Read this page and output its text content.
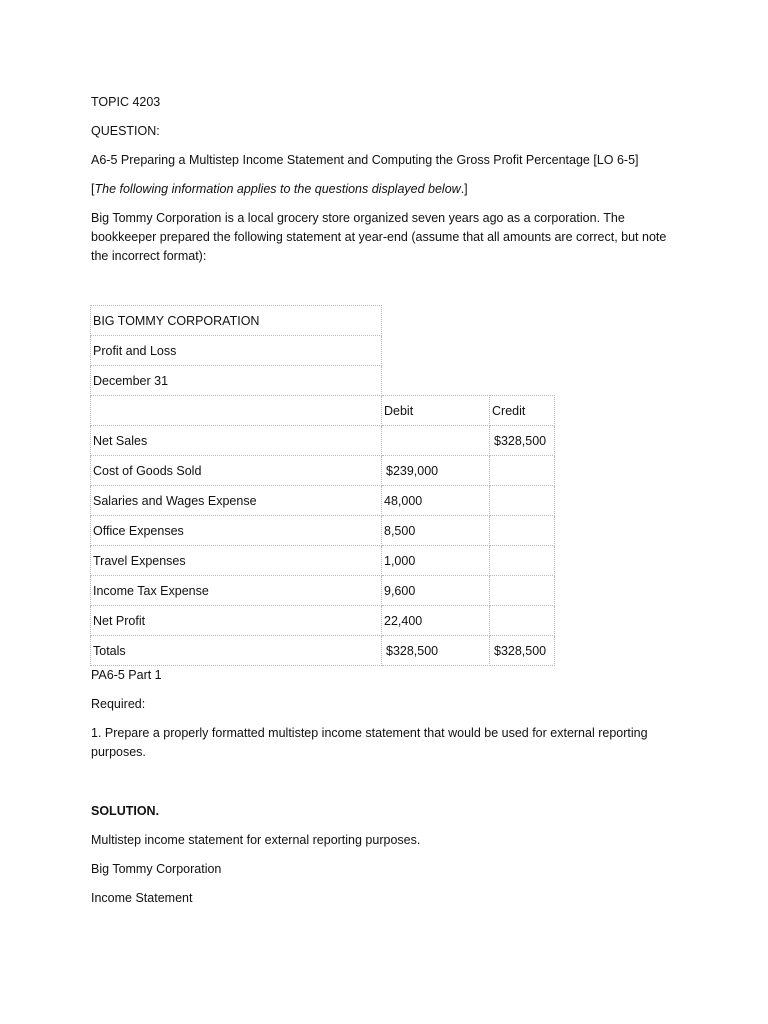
TOPIC 4203

QUESTION:

A6-5 Preparing a Multistep Income Statement and Computing the Gross Profit Percentage [LO 6-5]

[The following information applies to the questions displayed below.]

Big Tommy Corporation is a local grocery store organized seven years ago as a corporation. The bookkeeper prepared the following statement at year-end (assume that all amounts are correct, but note the incorrect format):

BIG TOMMY CORPORATION		
Profit and Loss		
December 31		
	Debit	Credit
Net Sales		$328,500
Cost of Goods Sold	$239,000	
Salaries and Wages Expense	48,000	
Office Expenses	8,500	
Travel Expenses	1,000	
Income Tax Expense	9,600	
Net Profit	22,400	
Totals	$328,500	$328,500

PA6-5 Part 1

Required:

1. Prepare a properly formatted multistep income statement that would be used for external reporting purposes.

SOLUTION.

Multistep income statement for external reporting purposes.

Big Tommy Corporation

Income Statement
